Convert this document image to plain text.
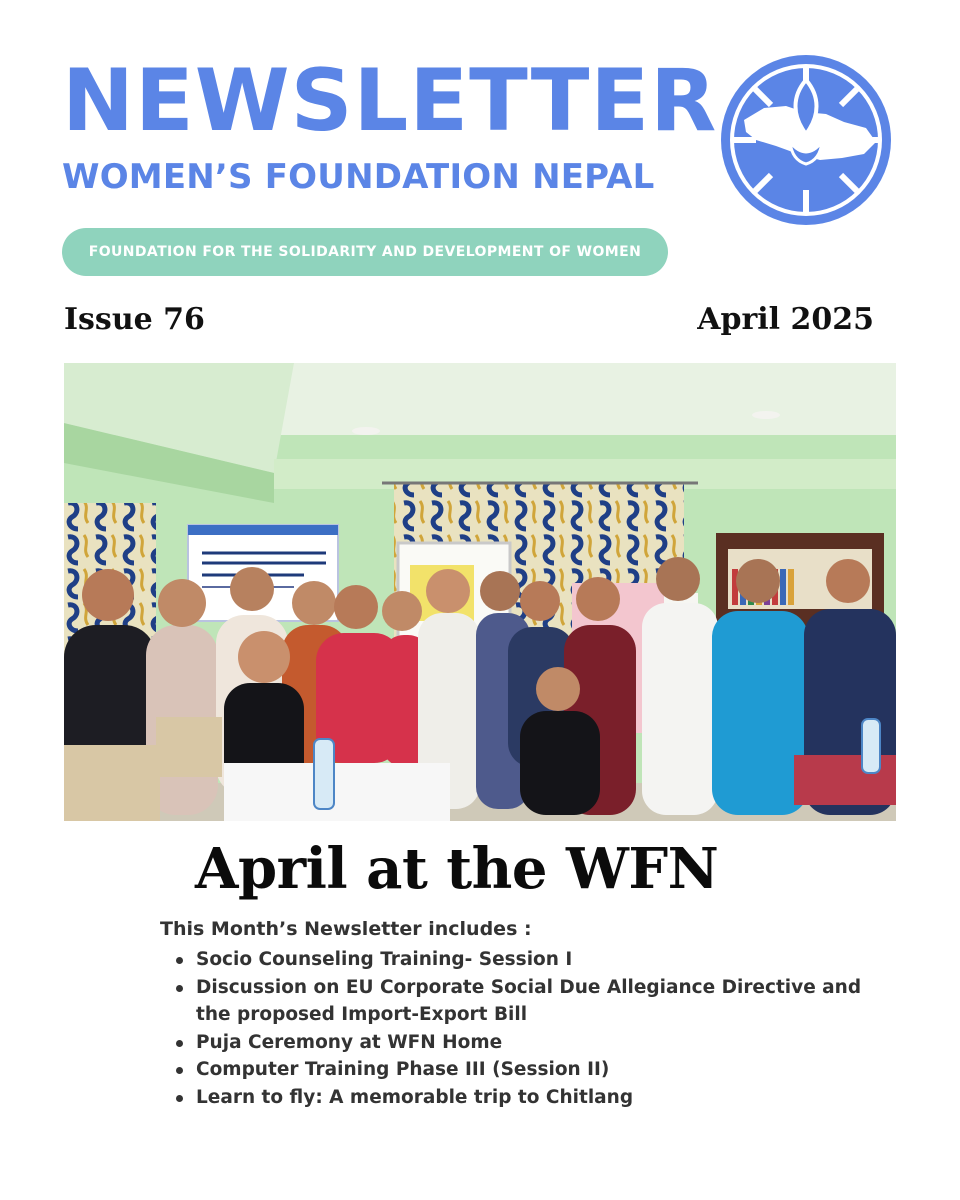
NEWSLETTER
WOMEN’S FOUNDATION NEPAL
FOUNDATION FOR THE SOLIDARITY AND DEVELOPMENT OF WOMEN

Issue 76	April 2025

April at the WFN

This Month’s Newsletter includes :

Socio Counseling Training- Session I
Discussion on EU Corporate Social Due Allegiance Directive and the proposed Import-Export Bill
Puja Ceremony at WFN Home
Computer Training Phase III (Session II)
Learn to fly: A memorable trip to Chitlang
